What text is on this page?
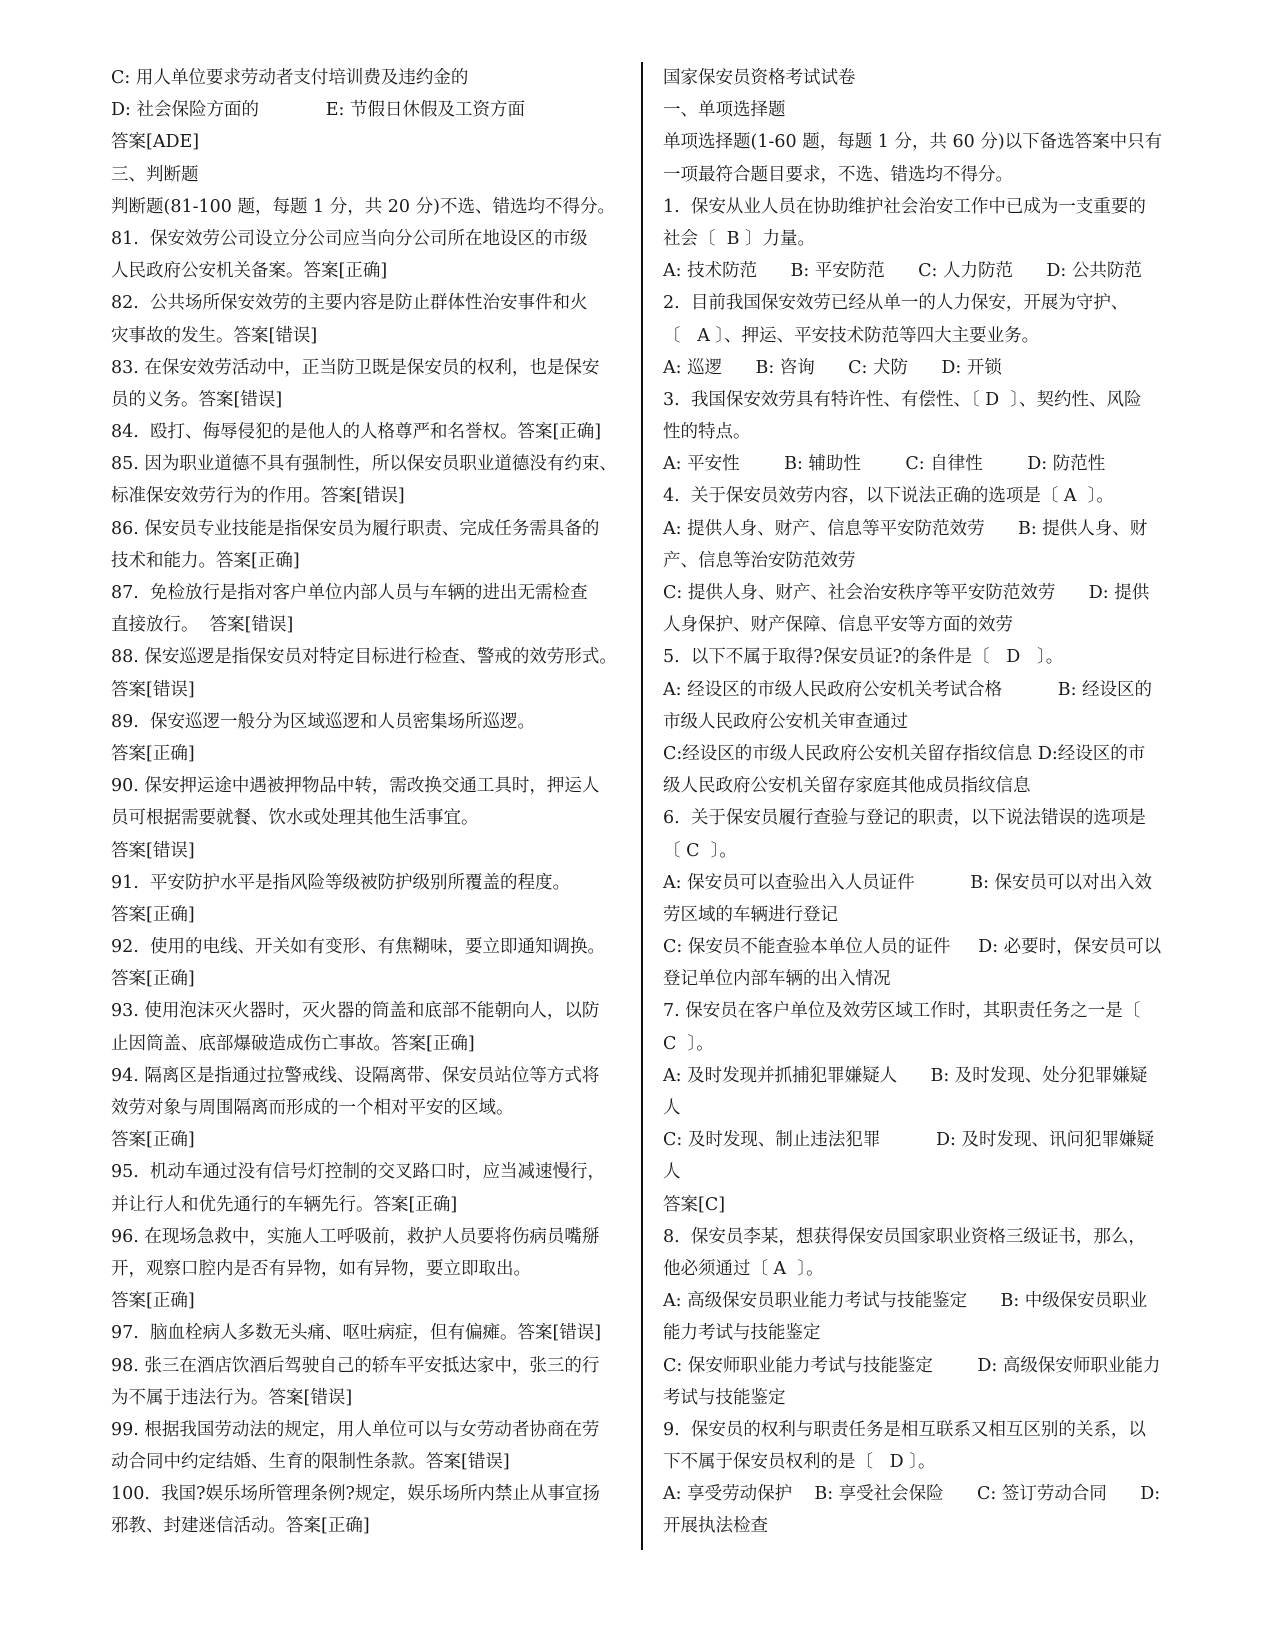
C: 用人单位要求劳动者支付培训费及违约金的
D: 社会保险方面的            E: 节假日休假及工资方面
答案[ADE]
三、判断题
判断题(81-100 题，每题 1 分，共 20 分)不选、错选均不得分。
81.  保安效劳公司设立分公司应当向分公司所在地设区的市级
人民政府公安机关备案。答案[正确]
82.  公共场所保安效劳的主要内容是防止群体性治安事件和火
灾事故的发生。答案[错误]
83. 在保安效劳活动中，正当防卫既是保安员的权利，也是保安
员的义务。答案[错误]
84.  殴打、侮辱侵犯的是他人的人格尊严和名誉权。答案[正确]
85. 因为职业道德不具有强制性，所以保安员职业道德没有约束、
标准保安效劳行为的作用。答案[错误]
86. 保安员专业技能是指保安员为履行职责、完成任务需具备的
技术和能力。答案[正确]
87.  免检放行是指对客户单位内部人员与车辆的进出无需检查
直接放行。  答案[错误]
88. 保安巡逻是指保安员对特定目标进行检查、警戒的效劳形式。
答案[错误]
89.  保安巡逻一般分为区域巡逻和人员密集场所巡逻。
答案[正确]
90. 保安押运途中遇被押物品中转，需改换交通工具时，押运人
员可根据需要就餐、饮水或处理其他生活事宜。
答案[错误]
91.  平安防护水平是指风险等级被防护级别所覆盖的程度。
答案[正确]
92.  使用的电线、开关如有变形、有焦糊味，要立即通知调换。
答案[正确]
93. 使用泡沫灭火器时，灭火器的筒盖和底部不能朝向人，以防
止因筒盖、底部爆破造成伤亡事故。答案[正确]
94. 隔离区是指通过拉警戒线、设隔离带、保安员站位等方式将
效劳对象与周围隔离而形成的一个相对平安的区域。
答案[正确]
95.  机动车通过没有信号灯控制的交叉路口时，应当减速慢行，
并让行人和优先通行的车辆先行。答案[正确]
96. 在现场急救中，实施人工呼吸前，救护人员要将伤病员嘴掰
开，观察口腔内是否有异物，如有异物，要立即取出。
答案[正确]
97.  脑血栓病人多数无头痛、呕吐病症，但有偏瘫。答案[错误]
98. 张三在酒店饮酒后驾驶自己的轿车平安抵达家中，张三的行
为不属于违法行为。答案[错误]
99. 根据我国劳动法的规定，用人单位可以与女劳动者协商在劳
动合同中约定结婚、生育的限制性条款。答案[错误]
100.  我国?娱乐场所管理条例?规定，娱乐场所内禁止从事宣扬
邪教、封建迷信活动。答案[正确]
国家保安员资格考试试卷
一、单项选择题
单项选择题(1-60 题，每题 1 分，共 60 分)以下备选答案中只有
一项最符合题目要求，不选、错选均不得分。
1.  保安从业人员在协助维护社会治安工作中已成为一支重要的
社会〔  B 〕力量。
A: 技术防范      B: 平安防范      C: 人力防范      D: 公共防范
2.  目前我国保安效劳已经从单一的人力保安，开展为守护、
〔   A 〕、押运、平安技术防范等四大主要业务。
A: 巡逻      B: 咨询      C: 犬防      D: 开锁
3.  我国保安效劳具有特许性、有偿性、〔 D  〕、契约性、风险
性的特点。
A: 平安性        B: 辅助性        C: 自律性        D: 防范性
4.  关于保安员效劳内容，以下说法正确的选项是〔 A  〕。
A: 提供人身、财产、信息等平安防范效劳      B: 提供人身、财
产、信息等治安防范效劳
C: 提供人身、财产、社会治安秩序等平安防范效劳      D: 提供
人身保护、财产保障、信息平安等方面的效劳
5.  以下不属于取得?保安员证?的条件是〔   D   〕。
A: 经设区的市级人民政府公安机关考试合格          B: 经设区的
市级人民政府公安机关审查通过
C:经设区的市级人民政府公安机关留存指纹信息 D:经设区的市
级人民政府公安机关留存家庭其他成员指纹信息
6.  关于保安员履行查验与登记的职责，以下说法错误的选项是
〔 C  〕。
A: 保安员可以查验出入人员证件          B: 保安员可以对出入效
劳区域的车辆进行登记
C: 保安员不能查验本单位人员的证件     D: 必要时，保安员可以
登记单位内部车辆的出入情况
7. 保安员在客户单位及效劳区域工作时，其职责任务之一是〔
C  〕。
A: 及时发现并抓捕犯罪嫌疑人      B: 及时发现、处分犯罪嫌疑
人
C: 及时发现、制止违法犯罪          D: 及时发现、讯问犯罪嫌疑
人
答案[C]
8.  保安员李某，想获得保安员国家职业资格三级证书，那么，
他必须通过〔 A  〕。
A: 高级保安员职业能力考试与技能鉴定      B: 中级保安员职业
能力考试与技能鉴定
C: 保安师职业能力考试与技能鉴定        D: 高级保安师职业能力
考试与技能鉴定
9.  保安员的权利与职责任务是相互联系又相互区别的关系，以
下不属于保安员权利的是〔   D 〕。
A: 享受劳动保护    B: 享受社会保险      C: 签订劳动合同      D:
开展执法检查
